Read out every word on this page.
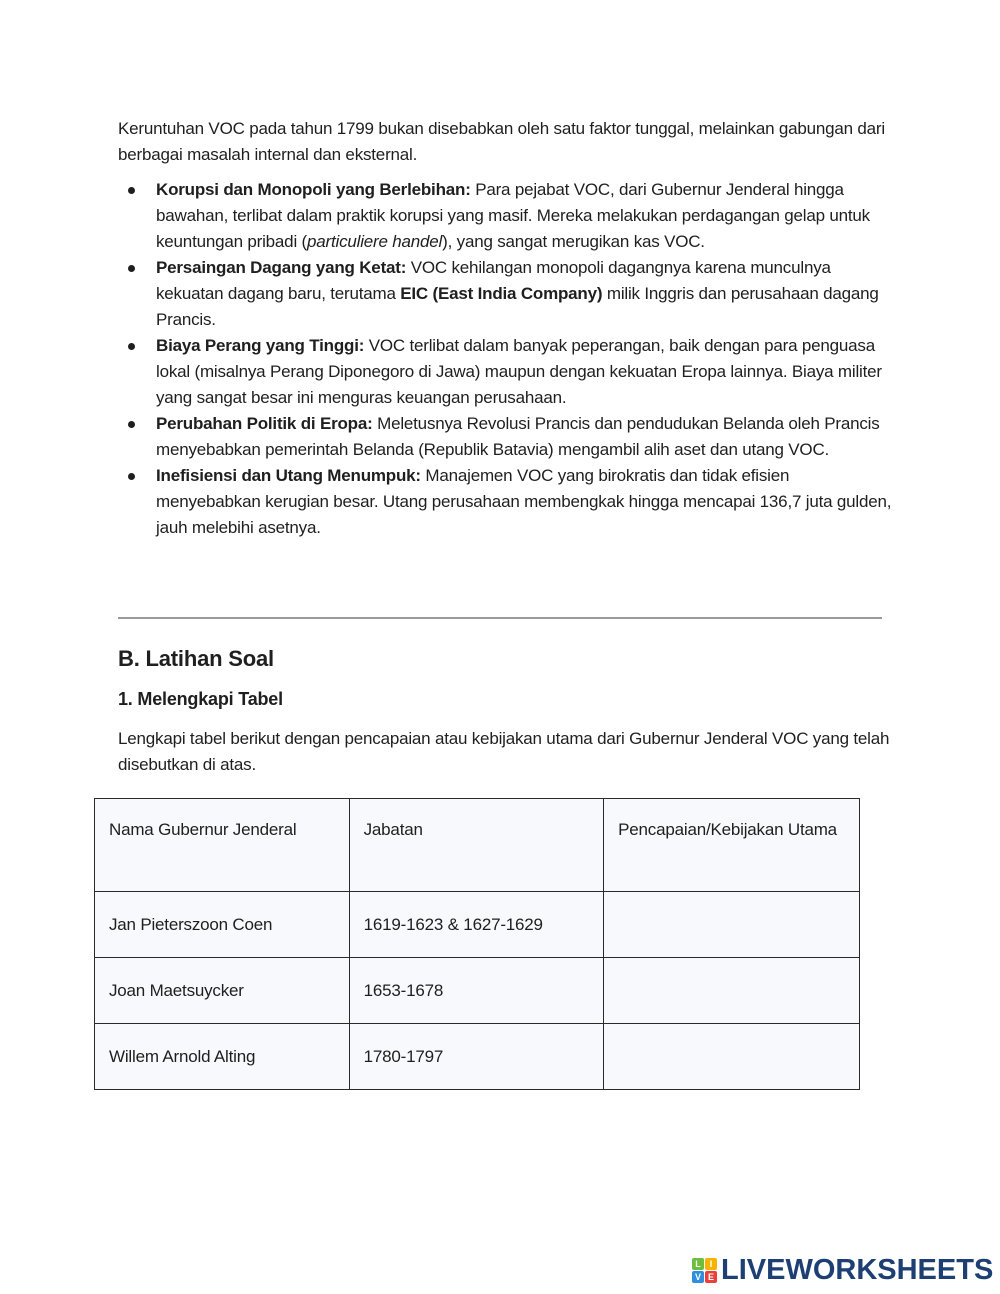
Keruntuhan VOC pada tahun 1799 bukan disebabkan oleh satu faktor tunggal, melainkan gabungan dari berbagai masalah internal dan eksternal.

Korupsi dan Monopoli yang Berlebihan: Para pejabat VOC, dari Gubernur Jenderal hingga bawahan, terlibat dalam praktik korupsi yang masif. Mereka melakukan perdagangan gelap untuk keuntungan pribadi (particuliere handel), yang sangat merugikan kas VOC.
Persaingan Dagang yang Ketat: VOC kehilangan monopoli dagangnya karena munculnya kekuatan dagang baru, terutama EIC (East India Company) milik Inggris dan perusahaan dagang Prancis.
Biaya Perang yang Tinggi: VOC terlibat dalam banyak peperangan, baik dengan para penguasa lokal (misalnya Perang Diponegoro di Jawa) maupun dengan kekuatan Eropa lainnya. Biaya militer yang sangat besar ini menguras keuangan perusahaan.
Perubahan Politik di Eropa: Meletusnya Revolusi Prancis dan pendudukan Belanda oleh Prancis menyebabkan pemerintah Belanda (Republik Batavia) mengambil alih aset dan utang VOC.
Inefisiensi dan Utang Menumpuk: Manajemen VOC yang birokratis dan tidak efisien menyebabkan kerugian besar. Utang perusahaan membengkak hingga mencapai 136,7 juta gulden, jauh melebihi asetnya.
B. Latihan Soal
1. Melengkapi Tabel

Lengkapi tabel berikut dengan pencapaian atau kebijakan utama dari Gubernur Jenderal VOC yang telah disebutkan di atas.

Nama Gubernur Jenderal	Jabatan	Pencapaian/Kebijakan Utama
Jan Pieterszoon Coen	1619-1623 & 1627-1629	
Joan Maetsuycker	1653-1678	
Willem Arnold Alting	1780-1797	
L I
V E LIVEWORKSHEETS
